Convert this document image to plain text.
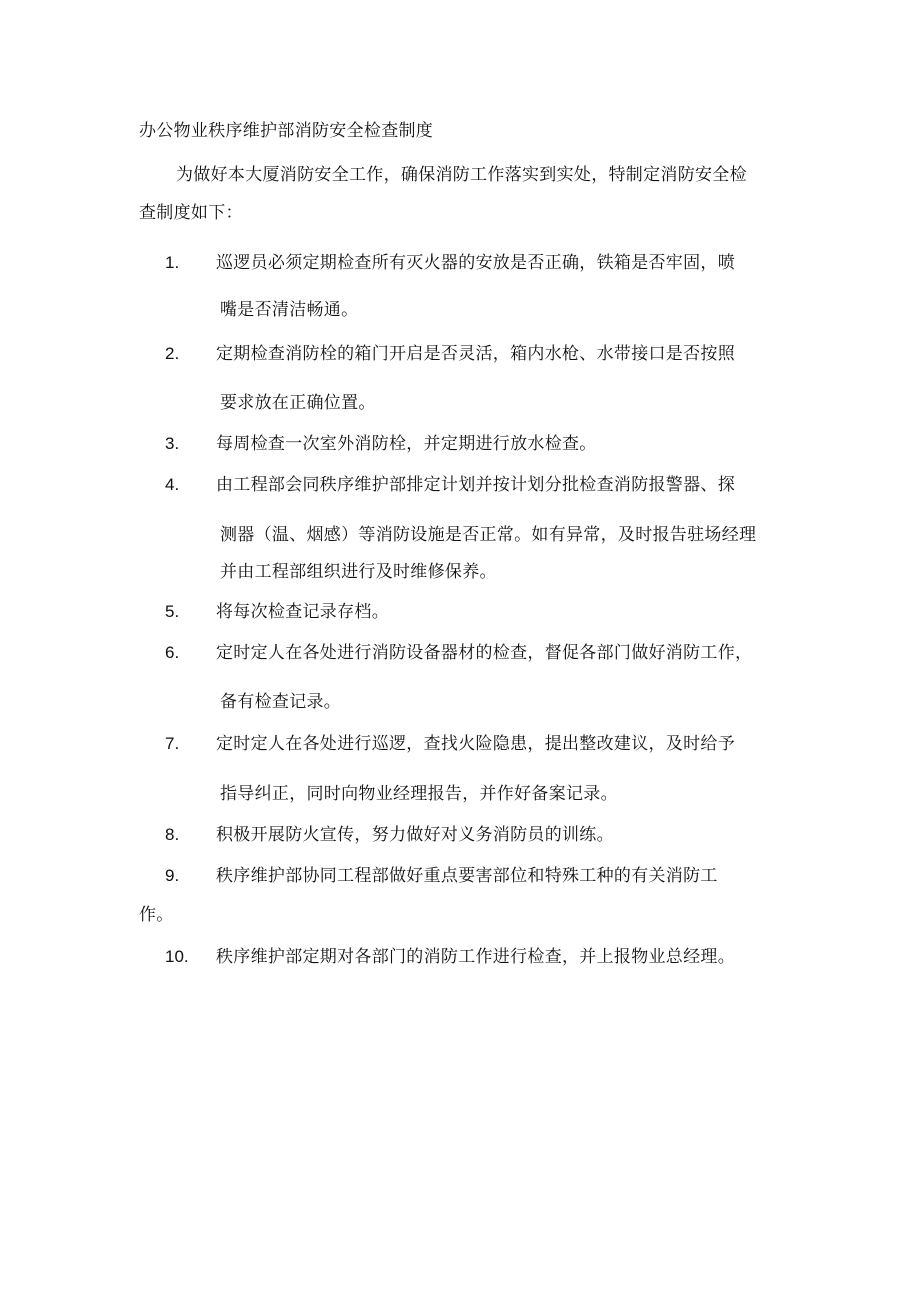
办公物业秩序维护部消防安全检查制度
为做好本大厦消防安全工作，确保消防工作落实到实处，特制定消防安全检
查制度如下：
1. 巡逻员必须定期检查所有灭火器的安放是否正确，铁箱是否牢固，喷
嘴是否清洁畅通。
2. 定期检查消防栓的箱门开启是否灵活，箱内水枪、水带接口是否按照
要求放在正确位置。
3. 每周检查一次室外消防栓，并定期进行放水检查。
4. 由工程部会同秩序维护部排定计划并按计划分批检查消防报警器、探
测器（温、烟感）等消防设施是否正常。如有异常，及时报告驻场经理
并由工程部组织进行及时维修保养。
5. 将每次检查记录存档。
6. 定时定人在各处进行消防设备器材的检查，督促各部门做好消防工作，
备有检查记录。
7. 定时定人在各处进行巡逻，查找火险隐患，提出整改建议，及时给予
指导纠正，同时向物业经理报告，并作好备案记录。
8. 积极开展防火宣传，努力做好对义务消防员的训练。
9. 秩序维护部协同工程部做好重点要害部位和特殊工种的有关消防工
作。
10. 秩序维护部定期对各部门的消防工作进行检查，并上报物业总经理。
